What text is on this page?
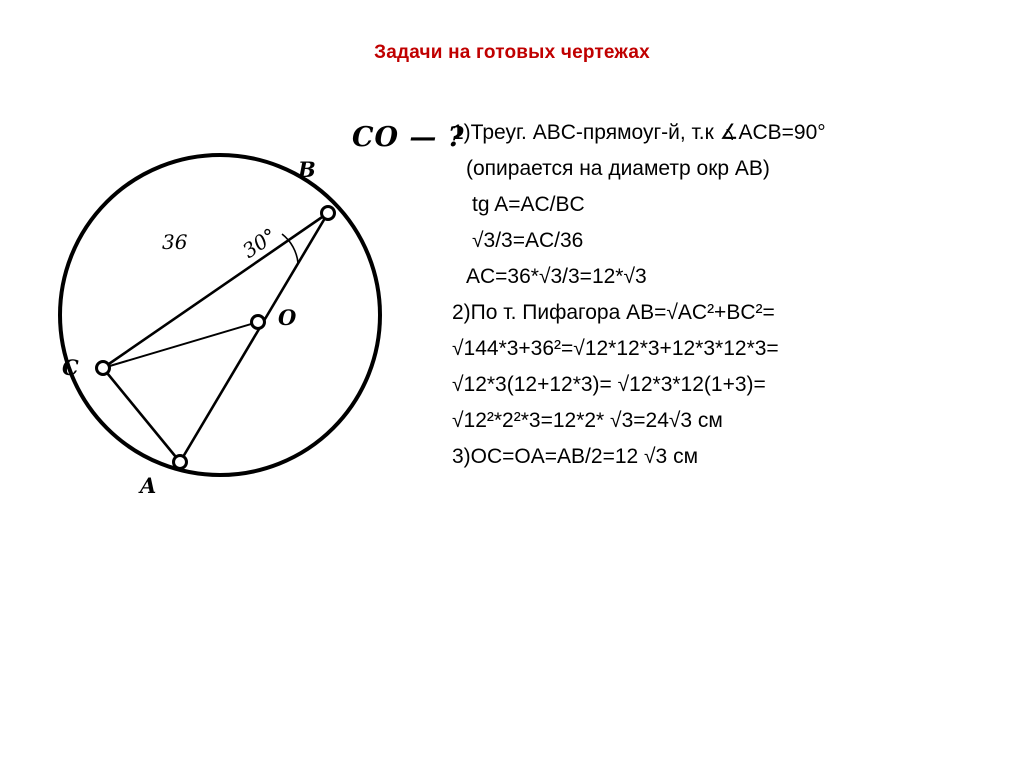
Задачи на готовых чертежах
CO — ?
B
O
C
A
36	30°
1)Треуг. ABC-прямоуг-й, т.к ∡ACB=90°
(опирается на диаметр окр AB)
tg A=AC/BC
√3/3=AC/36
AC=36*√3/3=12*√3
2)По т. Пифагора AB=√AC²+BC²=
√144*3+36²=√12*12*3+12*3*12*3=
√12*3(12+12*3)= √12*3*12(1+3)=
√12²*2²*3=12*2* √3=24√3 см
3)OC=OA=AB/2=12 √3 см
